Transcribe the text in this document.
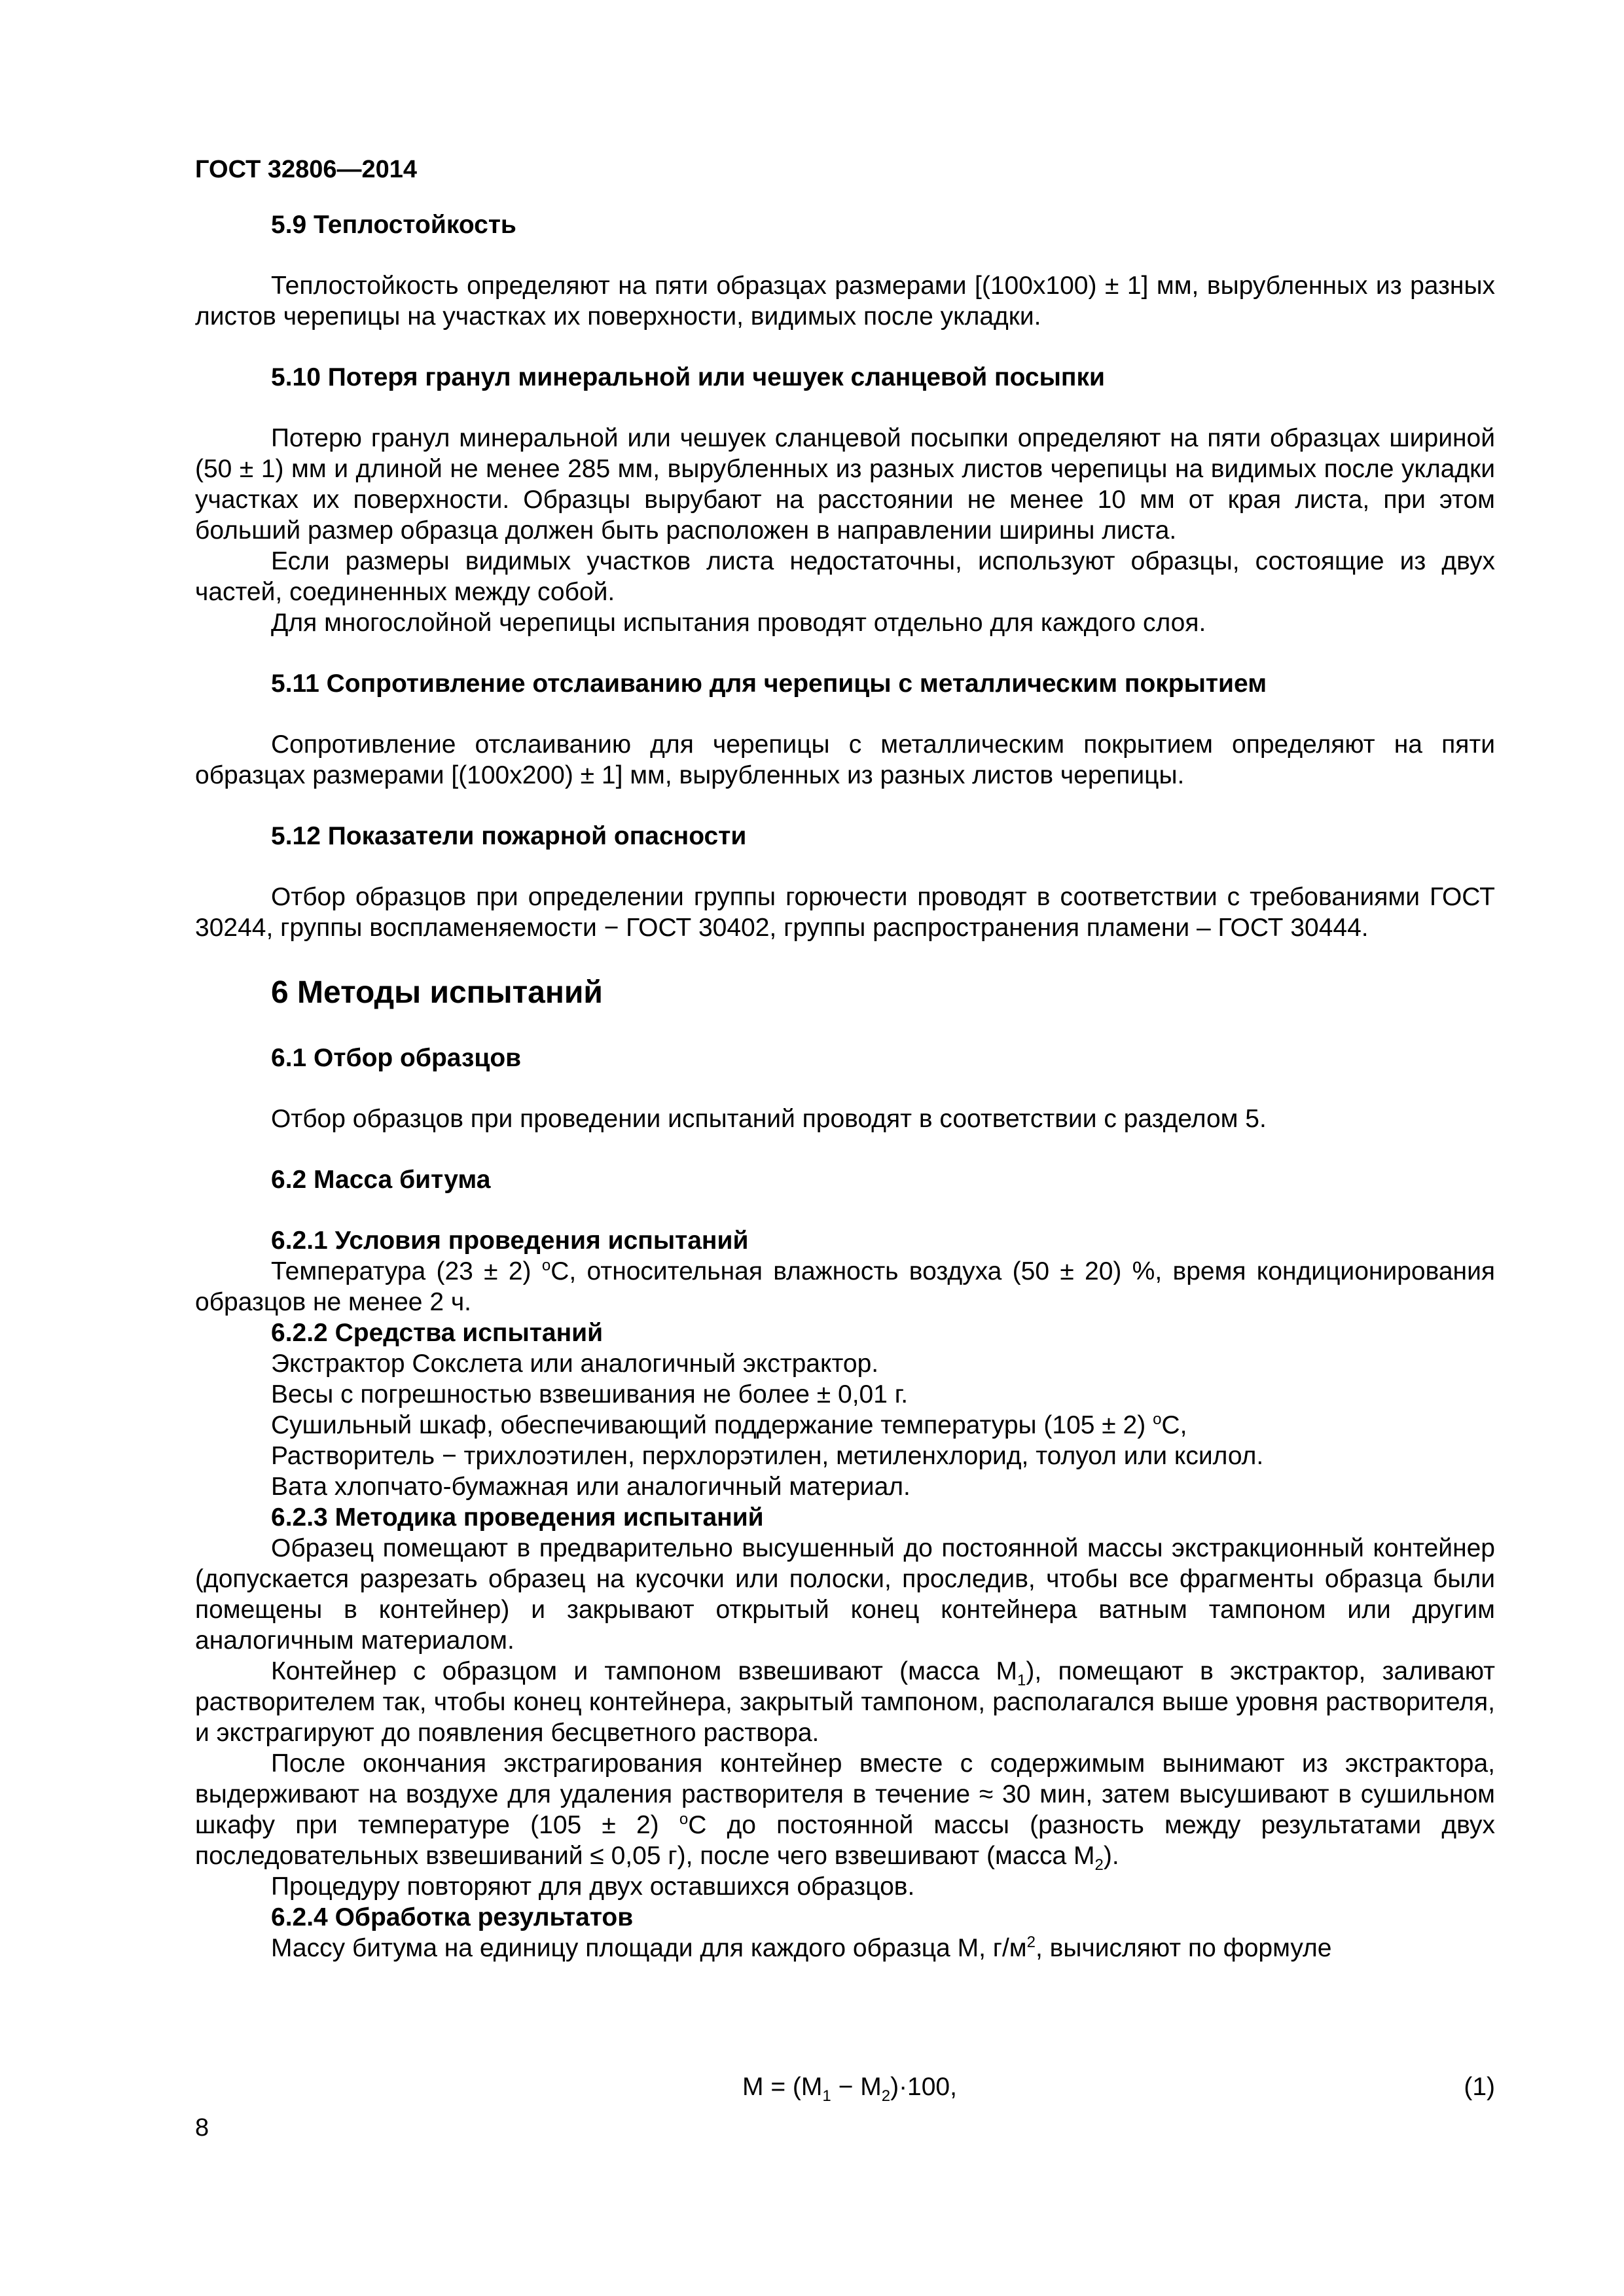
ГОСТ 32806—2014
5.9 Теплостойкость

Теплостойкость определяют на пяти образцах размерами [(100х100) ± 1] мм, вырубленных из разных листов черепицы на участках их поверхности, видимых после укладки.

5.10 Потеря гранул минеральной или чешуек сланцевой посыпки

Потерю гранул минеральной или чешуек сланцевой посыпки определяют на пяти образцах шириной (50 ± 1) мм и длиной не менее 285 мм, вырубленных из разных листов черепицы на видимых после укладки участках их поверхности. Образцы вырубают на расстоянии не менее 10 мм от края листа, при этом больший размер образца должен быть расположен в направлении ширины листа.

Если размеры видимых участков листа недостаточны, используют образцы, состоящие из двух частей, соединенных между собой.

Для многослойной черепицы испытания проводят отдельно для каждого слоя.

5.11 Сопротивление отслаиванию для черепицы с металлическим покрытием

Сопротивление отслаиванию для черепицы с металлическим покрытием определяют на пяти образцах размерами [(100х200) ± 1] мм, вырубленных из разных листов черепицы.

5.12 Показатели пожарной опасности

Отбор образцов при определении группы горючести проводят в соответствии с требованиями ГОСТ 30244, группы воспламеняемости − ГОСТ 30402, группы распространения пламени – ГОСТ 30444.

6 Методы испытаний
6.1 Отбор образцов

Отбор образцов при проведении испытаний проводят в соответствии с разделом 5.

6.2 Масса битума
6.2.1 Условия проведения испытаний

Температура (23 ± 2) $^o$С, относительная влажность воздуха (50 ± 20) %, время кондиционирования образцов не менее 2 ч.

6.2.2 Средства испытаний
Экстрактор Сокслета или аналогичный экстрактор.
Весы с погрешностью взвешивания не более ± 0,01 г.
Сушильный шкаф, обеспечивающий поддержание температуры (105 ± 2) $^o$С,
Растворитель − трихлоэтилен, перхлорэтилен, метиленхлорид, толуол или ксилол.
Вата хлопчато-бумажная или аналогичный материал.
6.2.3 Методика проведения испытаний

Образец помещают в предварительно высушенный до постоянной массы экстракционный контейнер (допускается разрезать образец на кусочки или полоски, проследив, чтобы все фрагменты образца были помещены в контейнер) и закрывают открытый конец контейнера ватным тампоном или другим аналогичным материалом.

Контейнер с образцом и тампоном взвешивают (масса $М_1$), помещают в экстрактор, заливают растворителем так, чтобы конец контейнера, закрытый тампоном, располагался выше уровня растворителя, и экстрагируют до появления бесцветного раствора.

После окончания экстрагирования контейнер вместе с содержимым вынимают из экстрактора, выдерживают на воздухе для удаления растворителя в течение ≈ 30 мин, затем высушивают в сушильном шкафу при температуре (105 ± 2) $^o$С до постоянной массы (разность между результатами двух последовательных взвешиваний ≤ 0,05 г), после чего взвешивают (масса $М_2$).

Процедуру повторяют для двух оставшихся образцов.

6.2.4 Обработка результатов

Массу битума на единицу площади для каждого образца М, $г/м^2$, вычисляют по формуле

$М = (М_1 - М_2)\cdot 100$,	(1)
8
